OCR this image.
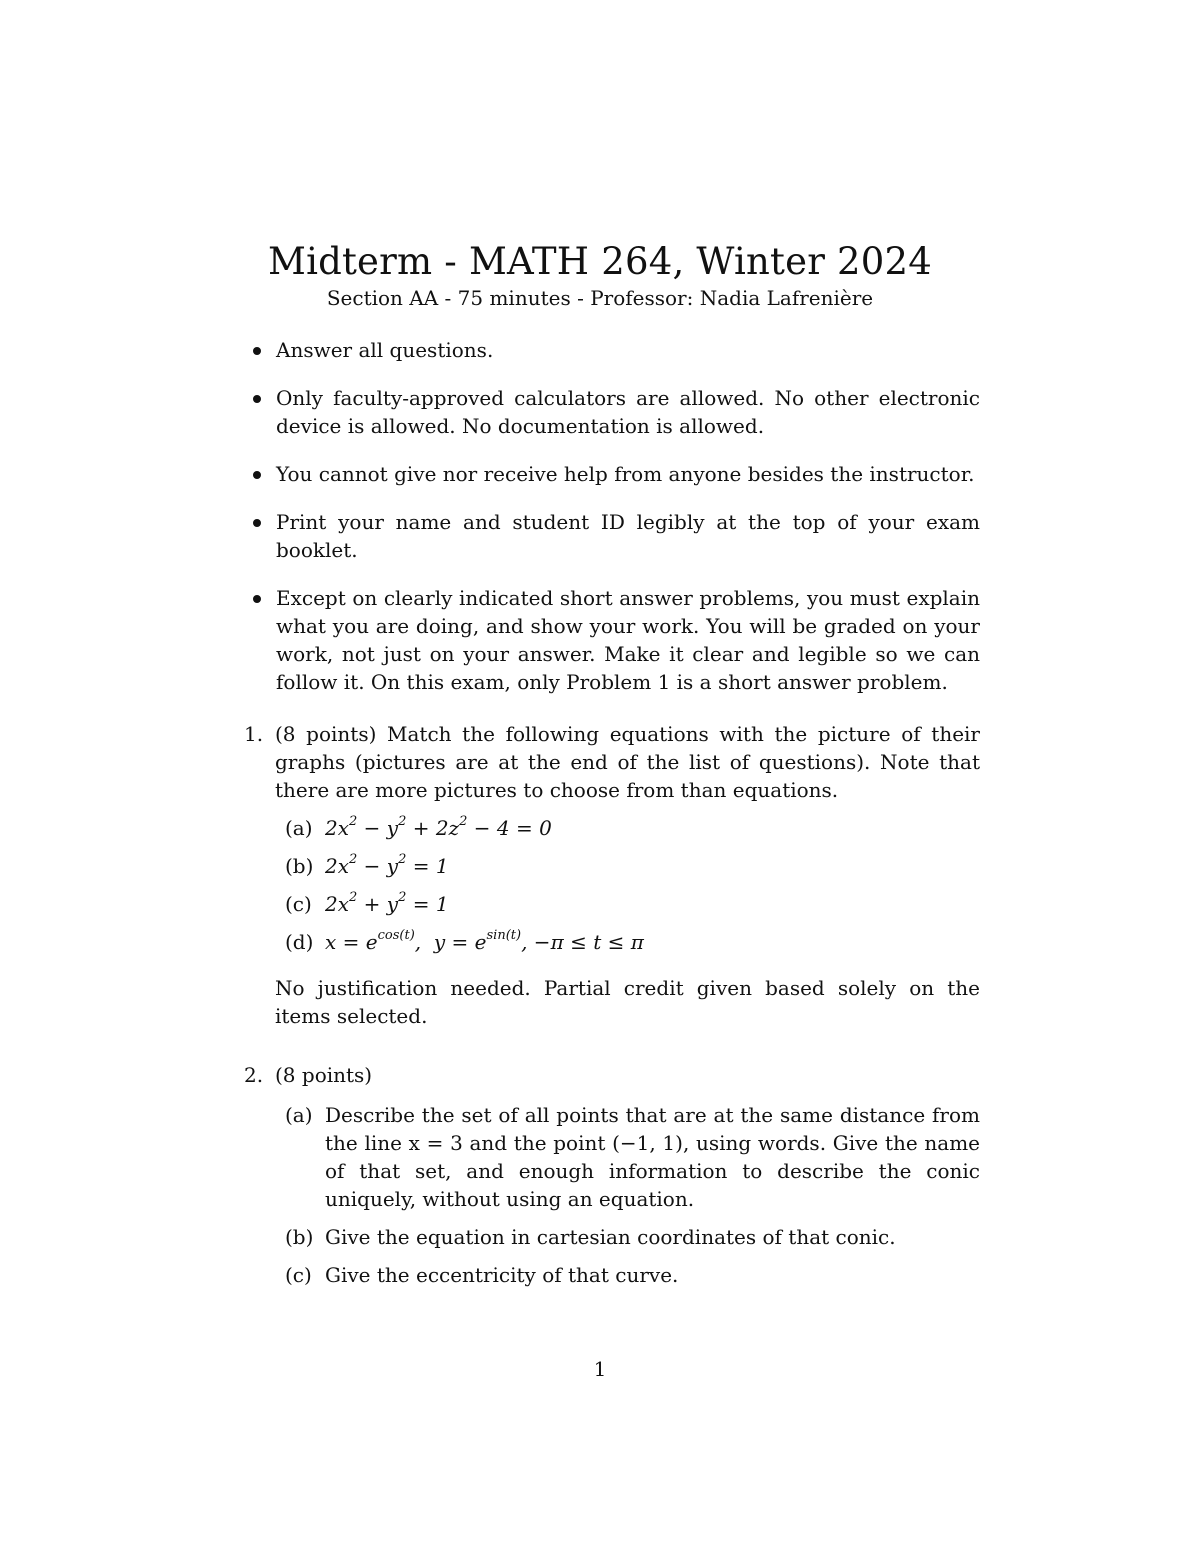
Midterm - MATH 264, Winter 2024
Section AA - 75 minutes - Professor: Nadia Lafrenière
Answer all questions.
Only faculty-approved calculators are allowed. No other electronic device is allowed. No documentation is allowed.
You cannot give nor receive help from anyone besides the instructor.
Print your name and student ID legibly at the top of your exam booklet.
Except on clearly indicated short answer problems, you must explain what you are doing, and show your work. You will be graded on your work, not just on your answer. Make it clear and legible so we can follow it. On this exam, only Problem 1 is a short answer problem.
1. (8 points) Match the following equations with the picture of their graphs (pictures are at the end of the list of questions). Note that there are more pictures to choose from than equations.
(a) $2x^2 - y^2 + 2z^2 - 4 = 0$
(b) $2x^2 - y^2 = 1$
(c) $2x^2 + y^2 = 1$
(d) $x = e^{cos(t)}$,  $y = e^{sin(t)}$, −π ≤ t ≤ π
No justification needed. Partial credit given based solely on the items selected.
2. (8 points)
(a) Describe the set of all points that are at the same distance from the line x = 3 and the point (−1, 1), using words. Give the name of that set, and enough information to describe the conic uniquely, without using an equation.
(b) Give the equation in cartesian coordinates of that conic.
(c) Give the eccentricity of that curve.
1
